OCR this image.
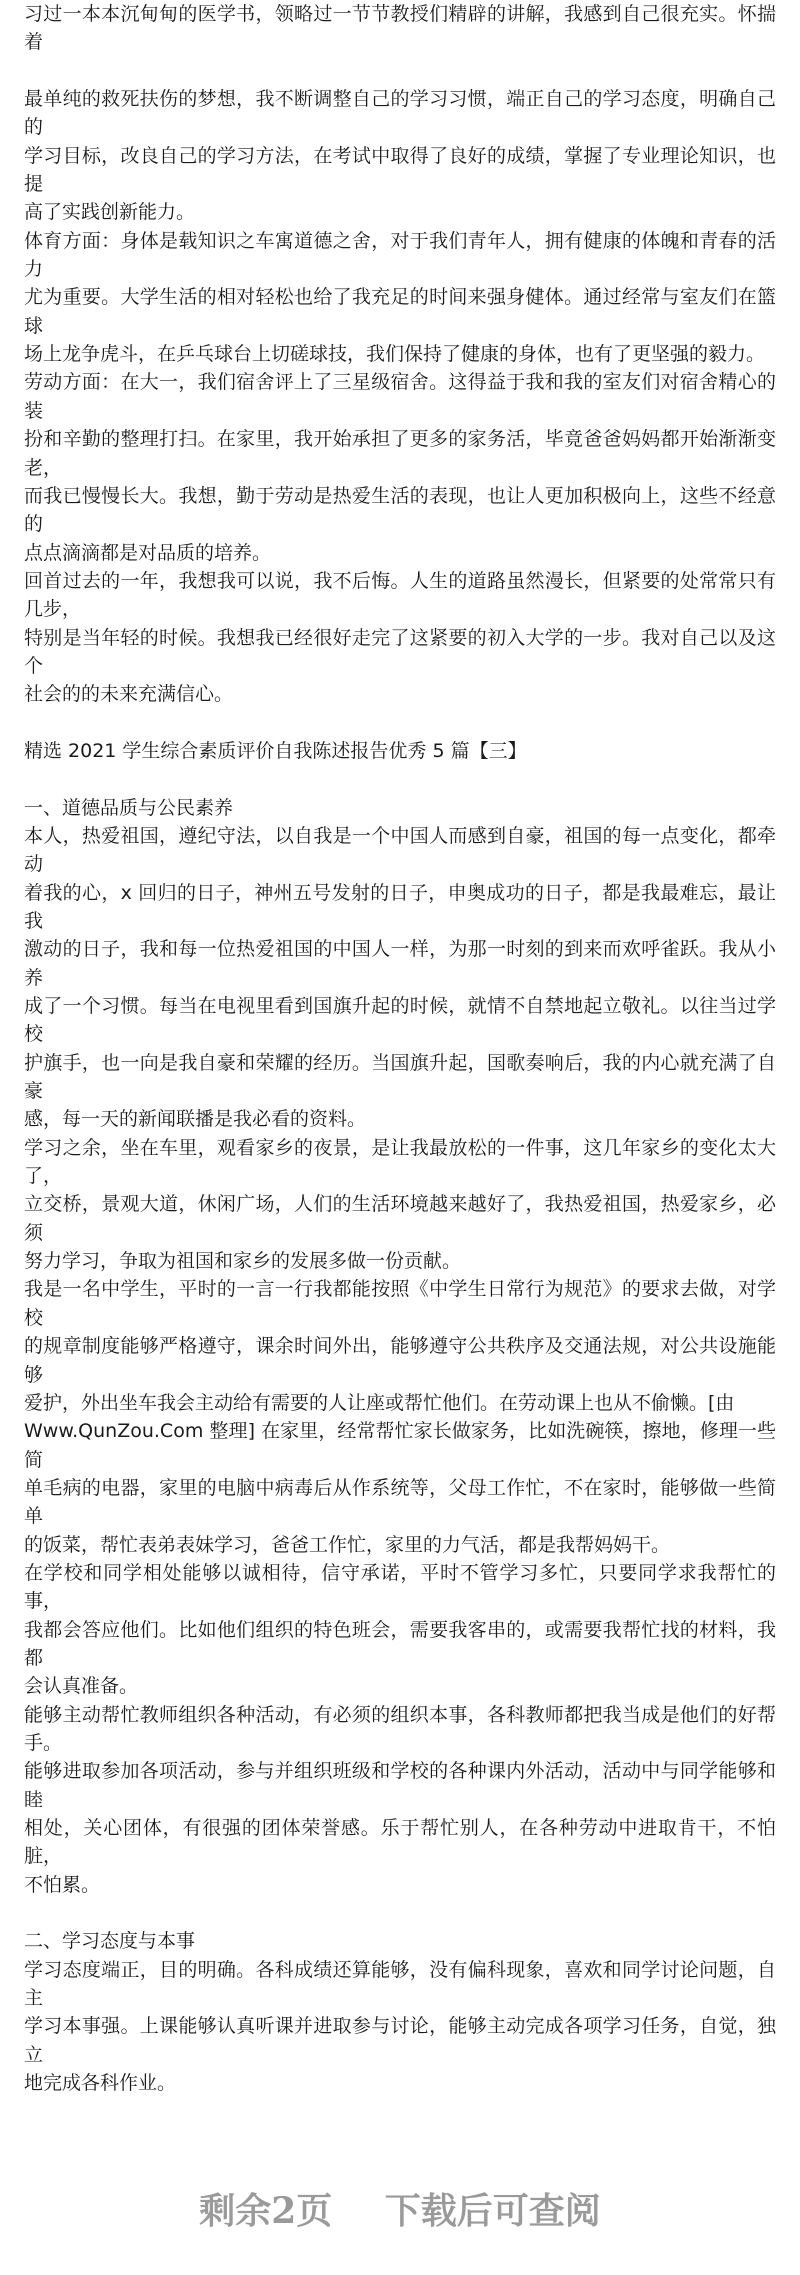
习过一本本沉甸甸的医学书，领略过一节节教授们精辟的讲解，我感到自己很充实。怀揣着
最单纯的救死扶伤的梦想，我不断调整自己的学习习惯，端正自己的学习态度，明确自己的
学习目标，改良自己的学习方法，在考试中取得了良好的成绩，掌握了专业理论知识，也提
高了实践创新能力。
体育方面：身体是载知识之车寓道德之舍，对于我们青年人，拥有健康的体魄和青春的活力
尤为重要。大学生活的相对轻松也给了我充足的时间来强身健体。通过经常与室友们在篮球
场上龙争虎斗，在乒乓球台上切磋球技，我们保持了健康的身体，也有了更坚强的毅力。
劳动方面：在大一，我们宿舍评上了三星级宿舍。这得益于我和我的室友们对宿舍精心的装
扮和辛勤的整理打扫。在家里，我开始承担了更多的家务活，毕竟爸爸妈妈都开始渐渐变老，
而我已慢慢长大。我想，勤于劳动是热爱生活的表现，也让人更加积极向上，这些不经意的
点点滴滴都是对品质的培养。
回首过去的一年，我想我可以说，我不后悔。人生的道路虽然漫长，但紧要的处常常只有几步，
特别是当年轻的时候。我想我已经很好走完了这紧要的初入大学的一步。我对自己以及这个
社会的的未来充满信心。
精选 2021 学生综合素质评价自我陈述报告优秀 5 篇【三】
一、道德品质与公民素养
本人，热爱祖国，遵纪守法，以自我是一个中国人而感到自豪，祖国的每一点变化，都牵动
着我的心，x 回归的日子，神州五号发射的日子，申奥成功的日子，都是我最难忘，最让我
激动的日子，我和每一位热爱祖国的中国人一样，为那一时刻的到来而欢呼雀跃。我从小养
成了一个习惯。每当在电视里看到国旗升起的时候，就情不自禁地起立敬礼。以往当过学校
护旗手，也一向是我自豪和荣耀的经历。当国旗升起，国歌奏响后，我的内心就充满了自豪
感，每一天的新闻联播是我必看的资料。
学习之余，坐在车里，观看家乡的夜景，是让我最放松的一件事，这几年家乡的变化太大了，
立交桥，景观大道，休闲广场，人们的生活环境越来越好了，我热爱祖国，热爱家乡，必须
努力学习，争取为祖国和家乡的发展多做一份贡献。
我是一名中学生，平时的一言一行我都能按照《中学生日常行为规范》的要求去做，对学校
的规章制度能够严格遵守，课余时间外出，能够遵守公共秩序及交通法规，对公共设施能够
爱护，外出坐车我会主动给有需要的人让座或帮忙他们。在劳动课上也从不偷懒。[由
Www.QunZou.Com 整理] 在家里，经常帮忙家长做家务，比如洗碗筷，擦地，修理一些简
单毛病的电器，家里的电脑中病毒后从作系统等，父母工作忙，不在家时，能够做一些简单
的饭菜，帮忙表弟表妹学习，爸爸工作忙，家里的力气活，都是我帮妈妈干。
在学校和同学相处能够以诚相待，信守承诺，平时不管学习多忙，只要同学求我帮忙的事，
我都会答应他们。比如他们组织的特色班会，需要我客串的，或需要我帮忙找的材料，我都
会认真准备。
能够主动帮忙教师组织各种活动，有必须的组织本事，各科教师都把我当成是他们的好帮手。
能够进取参加各项活动，参与并组织班级和学校的各种课内外活动，活动中与同学能够和睦
相处，关心团体，有很强的团体荣誉感。乐于帮忙别人，在各种劳动中进取肯干，不怕脏，
不怕累。
二、学习态度与本事
学习态度端正，目的明确。各科成绩还算能够，没有偏科现象，喜欢和同学讨论问题，自主
学习本事强。上课能够认真听课并进取参与讨论，能够主动完成各项学习任务，自觉，独立
地完成各科作业。
剩余2页 下载后可查阅
